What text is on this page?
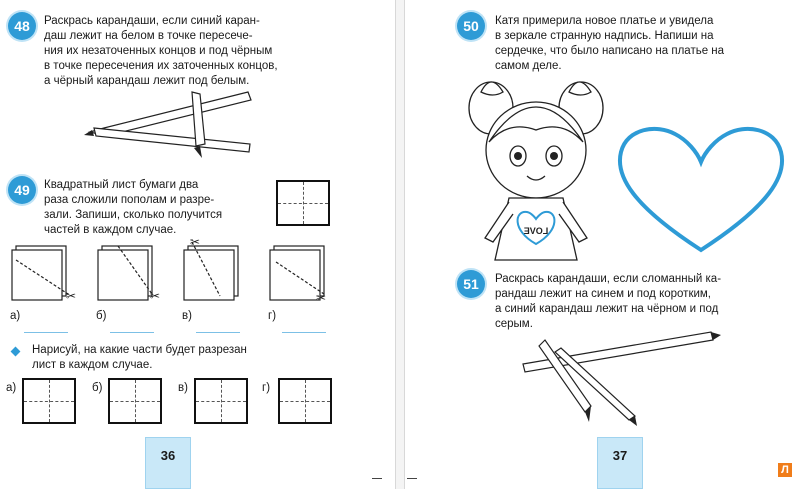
48	Раскрась карандаши, если синий каран-
даш лежит на белом в точке пересече-
ния их незаточенных концов и под чёрным
в точке пересечения их заточенных концов,
а чёрный карандаш лежит под белым.
49	Квадратный лист бумаги два
раза сложили пополам и разре-
зали. Запиши, сколько получится
частей в каждом случае.
✂	✂
✂
✂
а)	б)	в)	г)
Нарисуй, на какие части будет разрезан
лист в каждом случае.
а)	б)	в)	г)
36
50	Катя примерила новое платье и увидела
в зеркале странную надпись. Напиши на
сердечке, что было написано на платье на
самом деле.
LOVE
51	Раскрась карандаши, если сломанный ка-
рандаш лежит на синем и под коротким,
а синий карандаш лежит на чёрном и под
серым.
37
Л
